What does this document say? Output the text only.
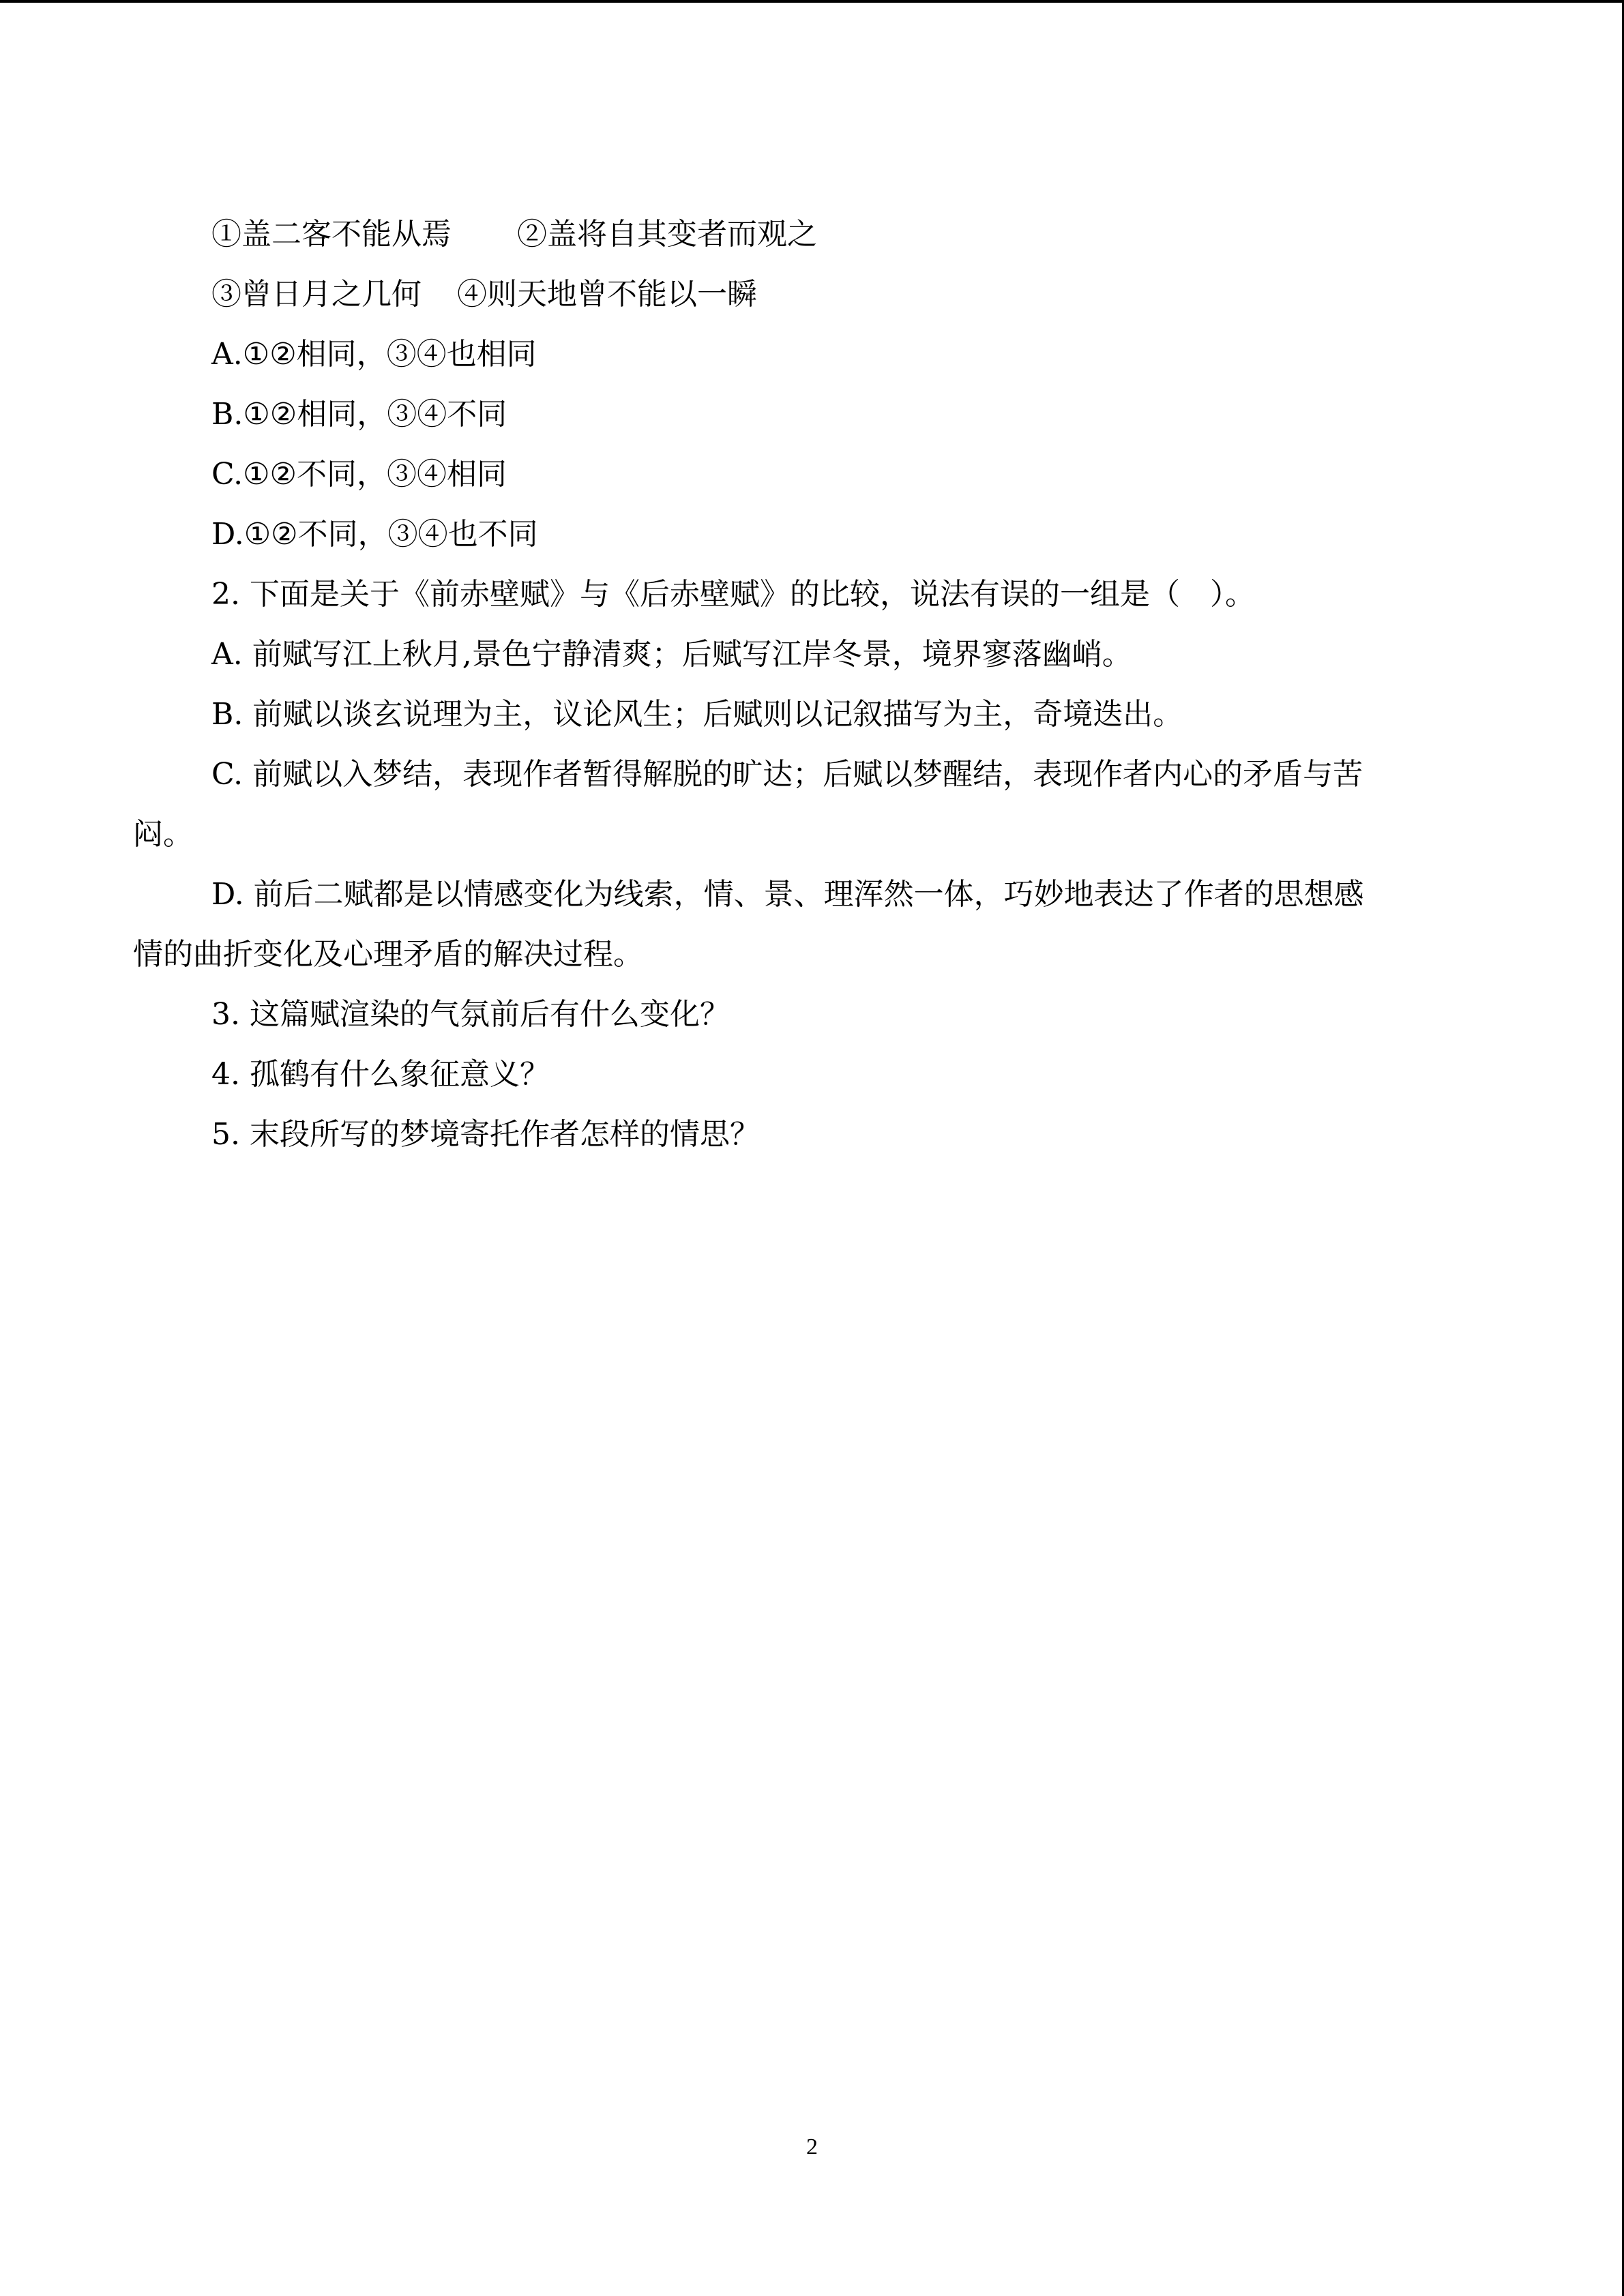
①盖二客不能从焉 ②盖将自其变者而观之
③曾日月之几何 ④则天地曾不能以一瞬
A.①②相同，③④也相同
B.①②相同，③④不同
C.①②不同，③④相同
D.①②不同，③④也不同
2. 下面是关于《前赤壁赋》与《后赤壁赋》的比较，说法有误的一组是（　）。
A. 前赋写江上秋月,景色宁静清爽；后赋写江岸冬景，境界寥落幽峭。
B. 前赋以谈玄说理为主，议论风生；后赋则以记叙描写为主，奇境迭出。
C. 前赋以入梦结，表现作者暂得解脱的旷达；后赋以梦醒结，表现作者内心的矛盾与苦
闷。
D. 前后二赋都是以情感变化为线索，情、景、理浑然一体，巧妙地表达了作者的思想感
情的曲折变化及心理矛盾的解决过程。
3. 这篇赋渲染的气氛前后有什么变化？
4. 孤鹤有什么象征意义？
5. 末段所写的梦境寄托作者怎样的情思？
2
